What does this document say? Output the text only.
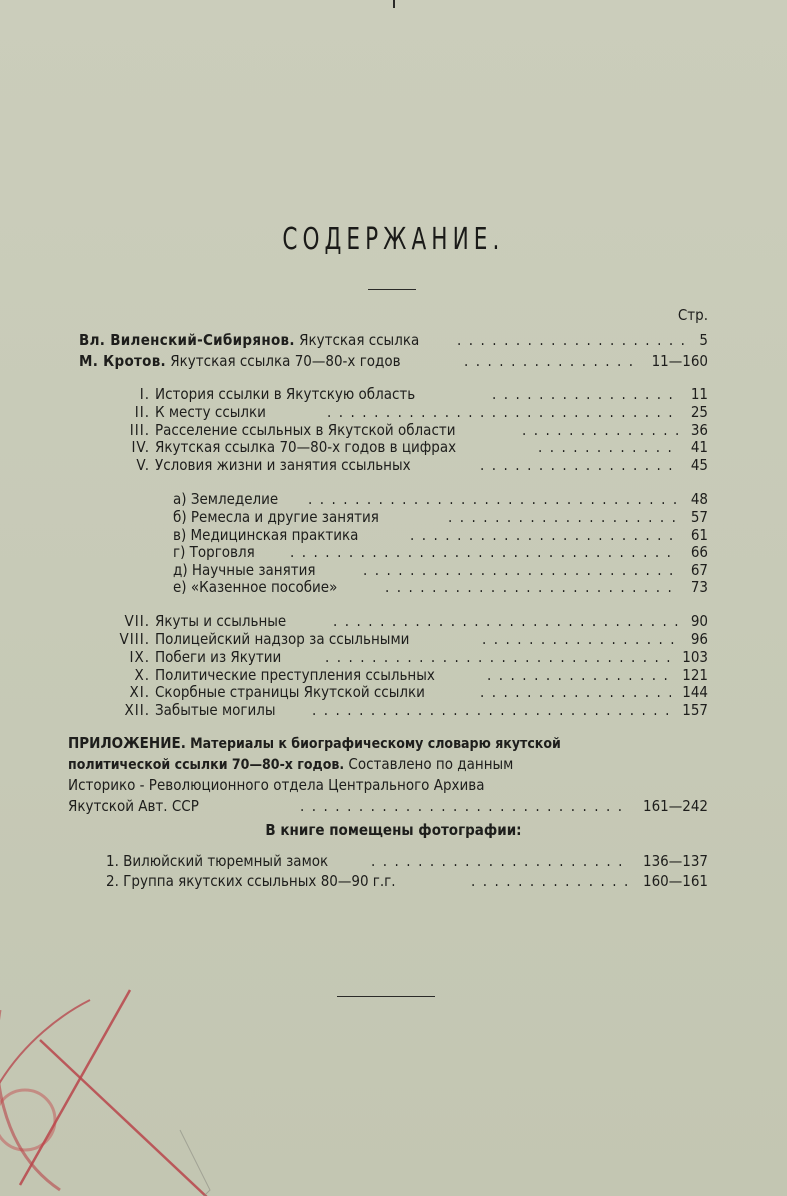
СОДЕРЖАНИЕ.
Стр.
Вл. Виленский-Сибирянов. Якутская ссылка . . .	5
М. Кротов. Якутская ссылка 70—80-х годов . . .	11—160
I. История ссылки в Якутскую область . . .	11
II. К месту ссылки . . .	25
III. Расселение ссыльных в Якутской области . . .	36
IV. Якутская ссылка 70—80-х годов в цифрах . . .	41
V. Условия жизни и занятия ссыльных . . .	45
а) Земледелие . . .	48
б) Ремесла и другие занятия . . .	57
в) Медицинская практика . . .	61
г) Торговля . . .	66
д) Научные занятия . . .	67
е) «Казенное пособие» . . .	73
VII. Якуты и ссыльные . . .	90
VIII. Полицейский надзор за ссыльными . . .	96
IX. Побеги из Якутии . . .	103
X. Политические преступления ссыльных . . .	121
XI. Скорбные страницы Якутской ссылки . . .	144
XII. Забытые могилы . . .	157
ПРИЛОЖЕНИЕ. Материалы к биографическому словарю якутской
политической ссылки 70—80-х годов. Составлено по данным
Историко - Революционного отдела Центрального Архива
Якутской Авт. ССР . . .	161—242
В книге помещены фотографии:
1. Вилюйский тюремный замок . . .	136—137
2. Группа якутских ссыльных 80—90 г.г. . . .	160—161
